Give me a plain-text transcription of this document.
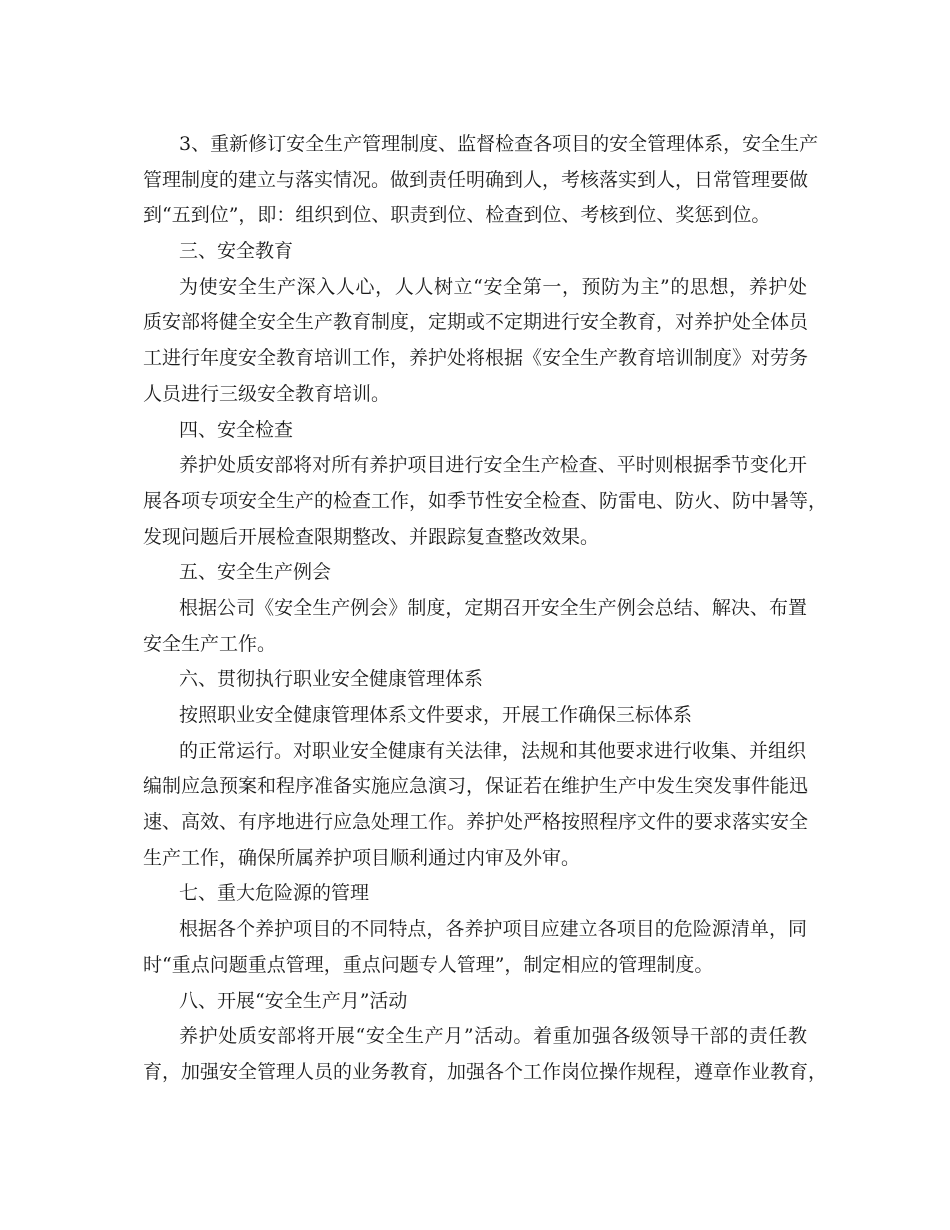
3、重新修订安全生产管理制度、监督检查各项目的安全管理体系，安全生产
管理制度的建立与落实情况。做到责任明确到人，考核落实到人，日常管理要做
到“五到位”，即：组织到位、职责到位、检查到位、考核到位、奖惩到位。
三、安全教育
为使安全生产深入人心，人人树立“安全第一，预防为主”的思想，养护处
质安部将健全安全生产教育制度，定期或不定期进行安全教育，对养护处全体员
工进行年度安全教育培训工作，养护处将根据《安全生产教育培训制度》对劳务
人员进行三级安全教育培训。
四、安全检查
养护处质安部将对所有养护项目进行安全生产检查、平时则根据季节变化开
展各项专项安全生产的检查工作，如季节性安全检查、防雷电、防火、防中暑等，
发现问题后开展检查限期整改、并跟踪复查整改效果。
五、安全生产例会
根据公司《安全生产例会》制度，定期召开安全生产例会总结、解决、布置
安全生产工作。
六、贯彻执行职业安全健康管理体系
按照职业安全健康管理体系文件要求，开展工作确保三标体系
的正常运行。对职业安全健康有关法律，法规和其他要求进行收集、并组织
编制应急预案和程序准备实施应急演习，保证若在维护生产中发生突发事件能迅
速、高效、有序地进行应急处理工作。养护处严格按照程序文件的要求落实安全
生产工作，确保所属养护项目顺利通过内审及外审。
七、重大危险源的管理
根据各个养护项目的不同特点，各养护项目应建立各项目的危险源清单，同
时“重点问题重点管理，重点问题专人管理”，制定相应的管理制度。
八、开展“安全生产月”活动
养护处质安部将开展“安全生产月”活动。着重加强各级领导干部的责任教
育，加强安全管理人员的业务教育，加强各个工作岗位操作规程，遵章作业教育，
